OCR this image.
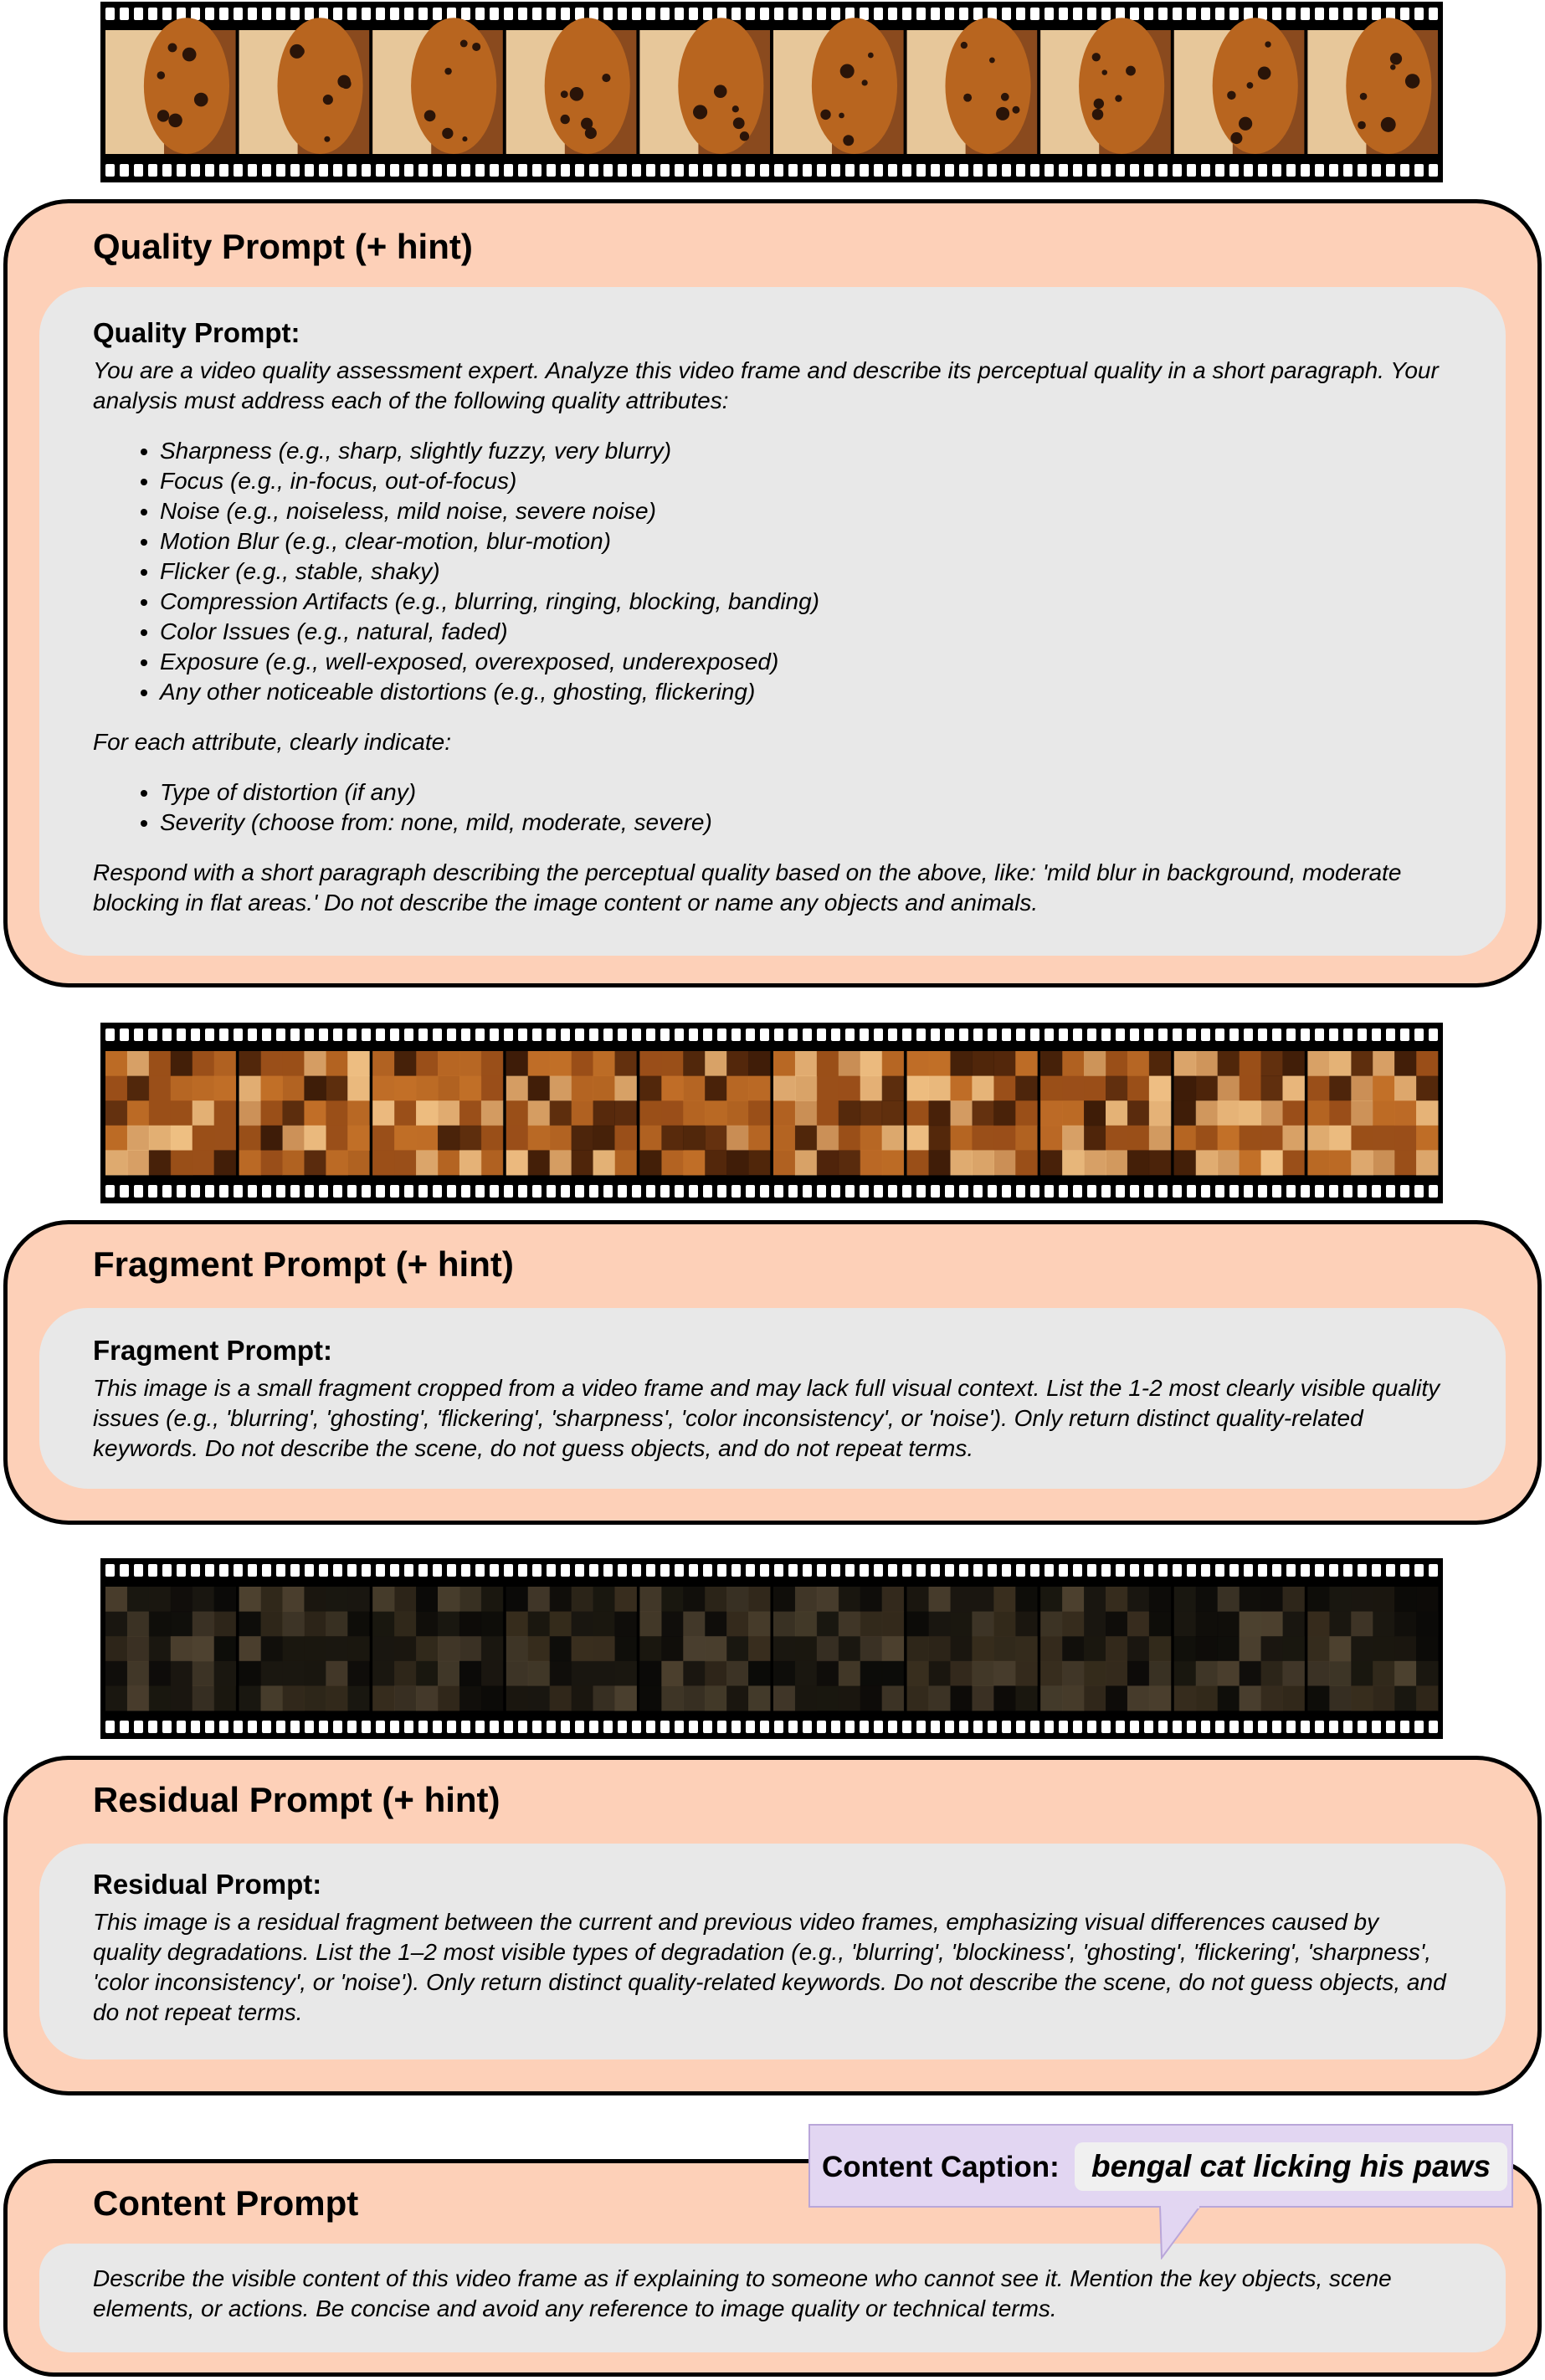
Quality Prompt (+ hint)
Quality Prompt:

You are a video quality assessment expert. Analyze this video frame and describe its perceptual quality in a short paragraph. Your analysis must address each of the following quality attributes:

• Sharpness (e.g., sharp, slightly fuzzy, very blurry)
• Focus (e.g., in-focus, out-of-focus)
• Noise (e.g., noiseless, mild noise, severe noise)
• Motion Blur (e.g., clear-motion, blur-motion)
• Flicker (e.g., stable, shaky)
• Compression Artifacts (e.g., blurring, ringing, blocking, banding)
• Color Issues (e.g., natural, faded)
• Exposure (e.g., well-exposed, overexposed, underexposed)
• Any other noticeable distortions (e.g., ghosting, flickering)

For each attribute, clearly indicate:

• Type of distortion (if any)
• Severity (choose from: none, mild, moderate, severe)

Respond with a short paragraph describing the perceptual quality based on the above, like: 'mild blur in background, moderate blocking in flat areas.' Do not describe the image content or name any objects and animals.

Fragment Prompt (+ hint)
Fragment Prompt:

This image is a small fragment cropped from a video frame and may lack full visual context. List the 1-2 most clearly visible quality issues (e.g., 'blurring', 'ghosting', 'flickering', 'sharpness', 'color inconsistency', or 'noise'). Only return distinct quality-related keywords. Do not describe the scene, do not guess objects, and do not repeat terms.

Residual Prompt (+ hint)
Residual Prompt:

This image is a residual fragment between the current and previous video frames, emphasizing visual differences caused by quality degradations. List the 1–2 most visible types of degradation (e.g., 'blurring', 'blockiness', 'ghosting', 'flickering', 'sharpness', 'color inconsistency', or 'noise'). Only return distinct quality-related keywords. Do not describe the scene, do not guess objects, and do not repeat terms.

Content Prompt

Describe the visible content of this video frame as if explaining to someone who cannot see it. Mention the key objects, scene elements, or actions. Be concise and avoid any reference to image quality or technical terms.

Content Caption:	bengal cat licking his paws
